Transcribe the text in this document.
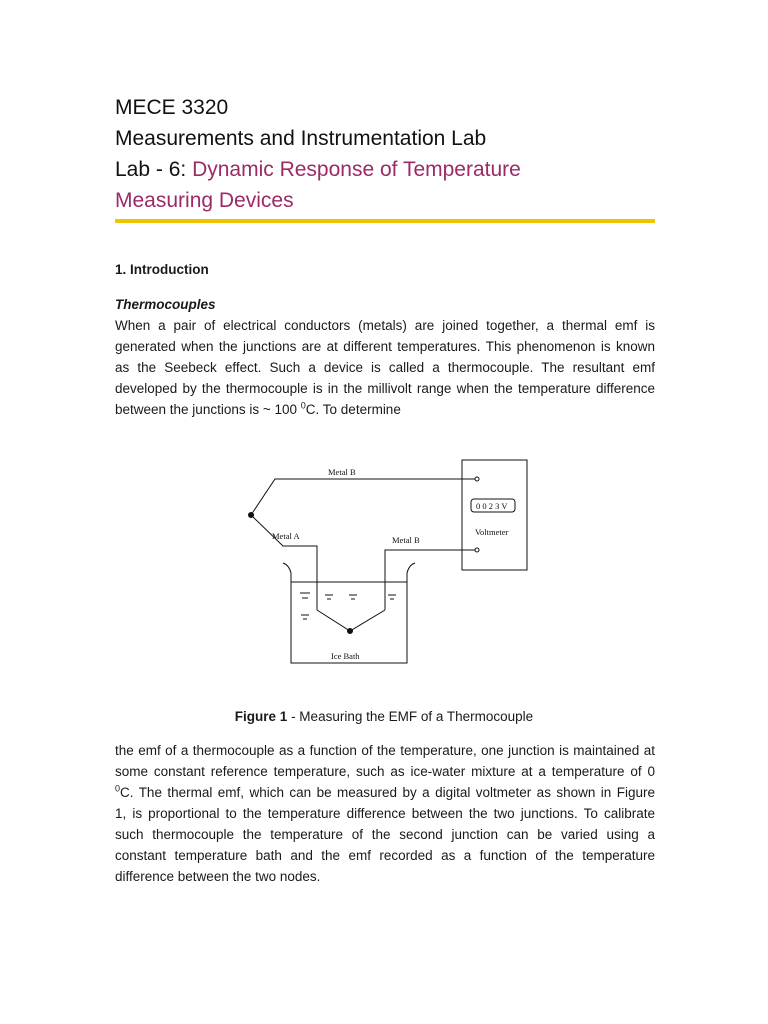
MECE 3320
Measurements and Instrumentation Lab
Lab - 6: Dynamic Response of Temperature
Measuring Devices
1. Introduction
Thermocouples
When a pair of electrical conductors (metals) are joined together, a thermal emf is
generated when the junctions are at different temperatures. This phenomenon is known
as the Seebeck effect. Such a device is called a thermocouple. The resultant emf
developed by the thermocouple is in the millivolt range when the temperature difference
between the junctions is ~ 100 $^0$C. To determine
Metal B
Metal A	Metal B
0 0 2 3 V
Voltmeter
Ice Bath
Figure 1 - Measuring the EMF of a Thermocouple
the emf of a thermocouple as a function of the temperature, one junction is maintained at
some constant reference temperature, such as ice-water mixture at a temperature of 0
$^0$C. The thermal emf, which can be measured by a digital voltmeter as shown in Figure
1, is proportional to the temperature difference between the two junctions. To calibrate
such thermocouple the temperature of the second junction can be varied using a
constant temperature bath and the emf recorded as a function of the temperature
difference between the two nodes.
